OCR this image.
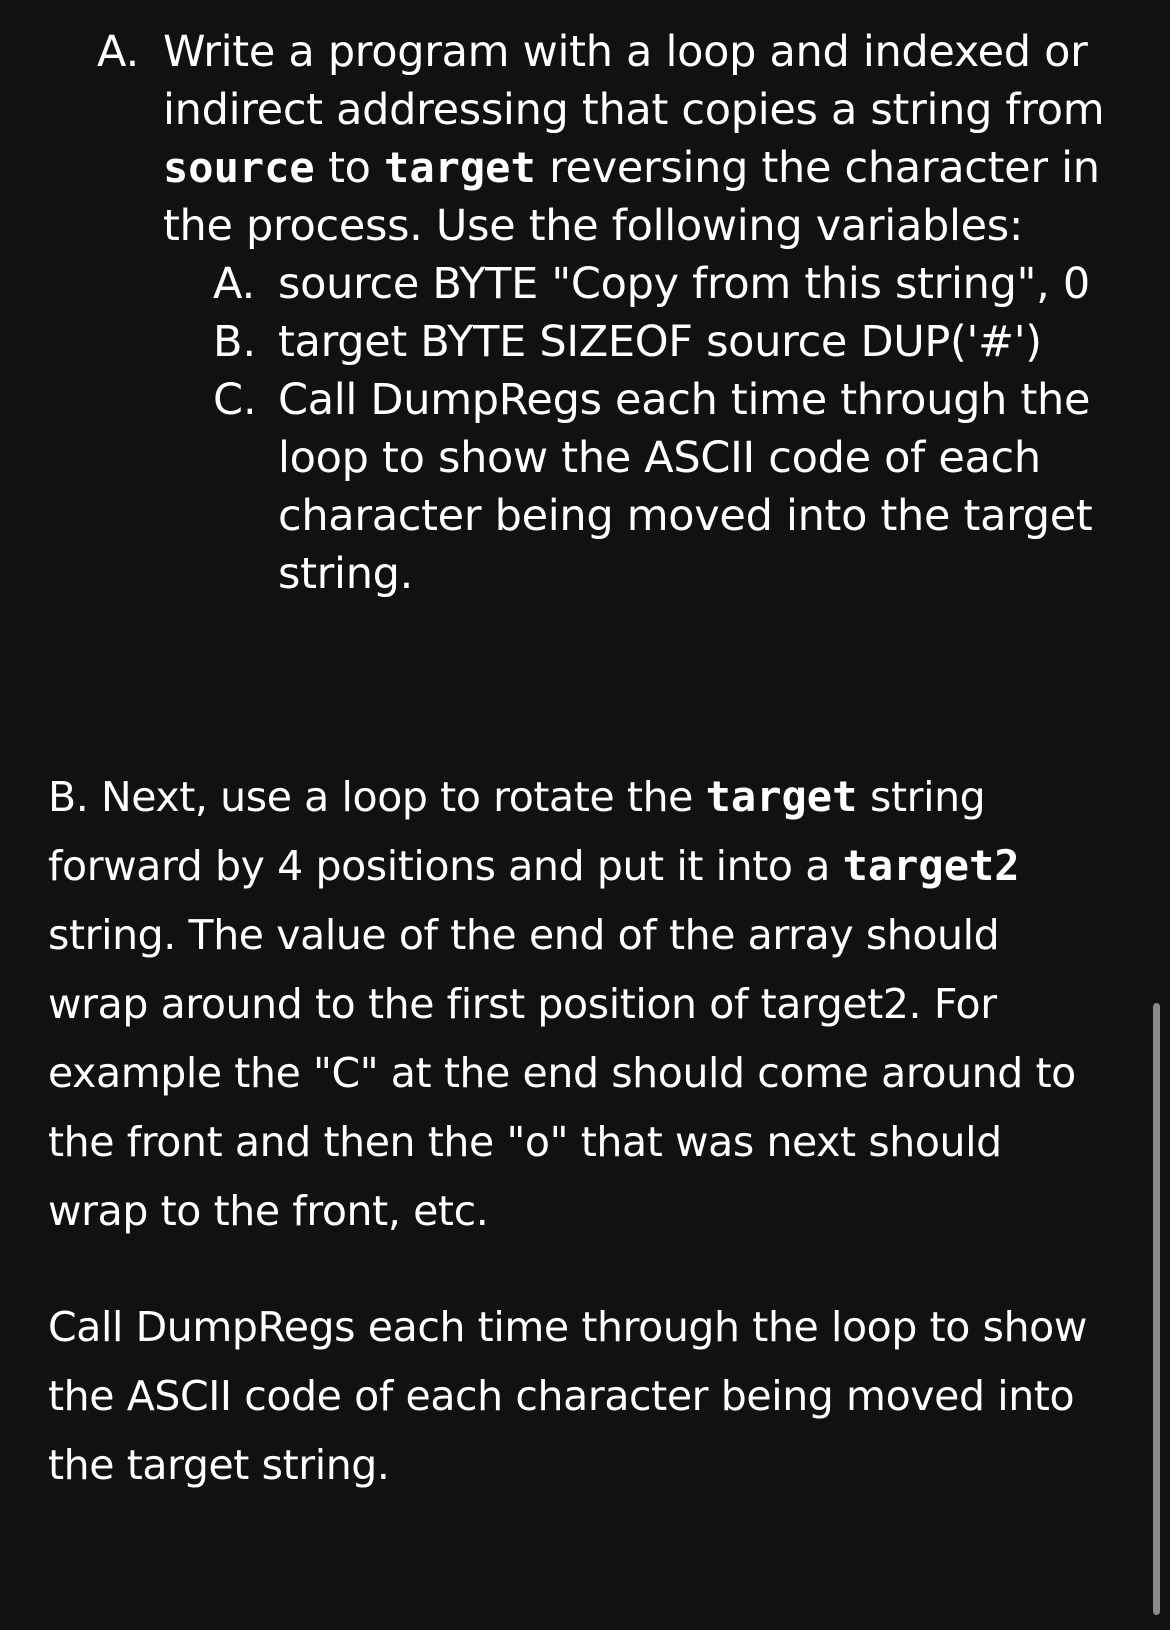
A. Write a program with a loop and indexed or
indirect addressing that copies a string from
source to target reversing the character in
the process. Use the following variables:
A. source BYTE "Copy from this string", 0
B. target BYTE SIZEOF source DUP('#')
C. Call DumpRegs each time through the
loop to show the ASCII code of each
character being moved into the target
string.
B. Next, use a loop to rotate the target string
forward by 4 positions and put it into a target2
string. The value of the end of the array should
wrap around to the first position of target2. For
example the "C" at the end should come around to
the front and then the "o" that was next should
wrap to the front, etc.
Call DumpRegs each time through the loop to show
the ASCII code of each character being moved into
the target string.
